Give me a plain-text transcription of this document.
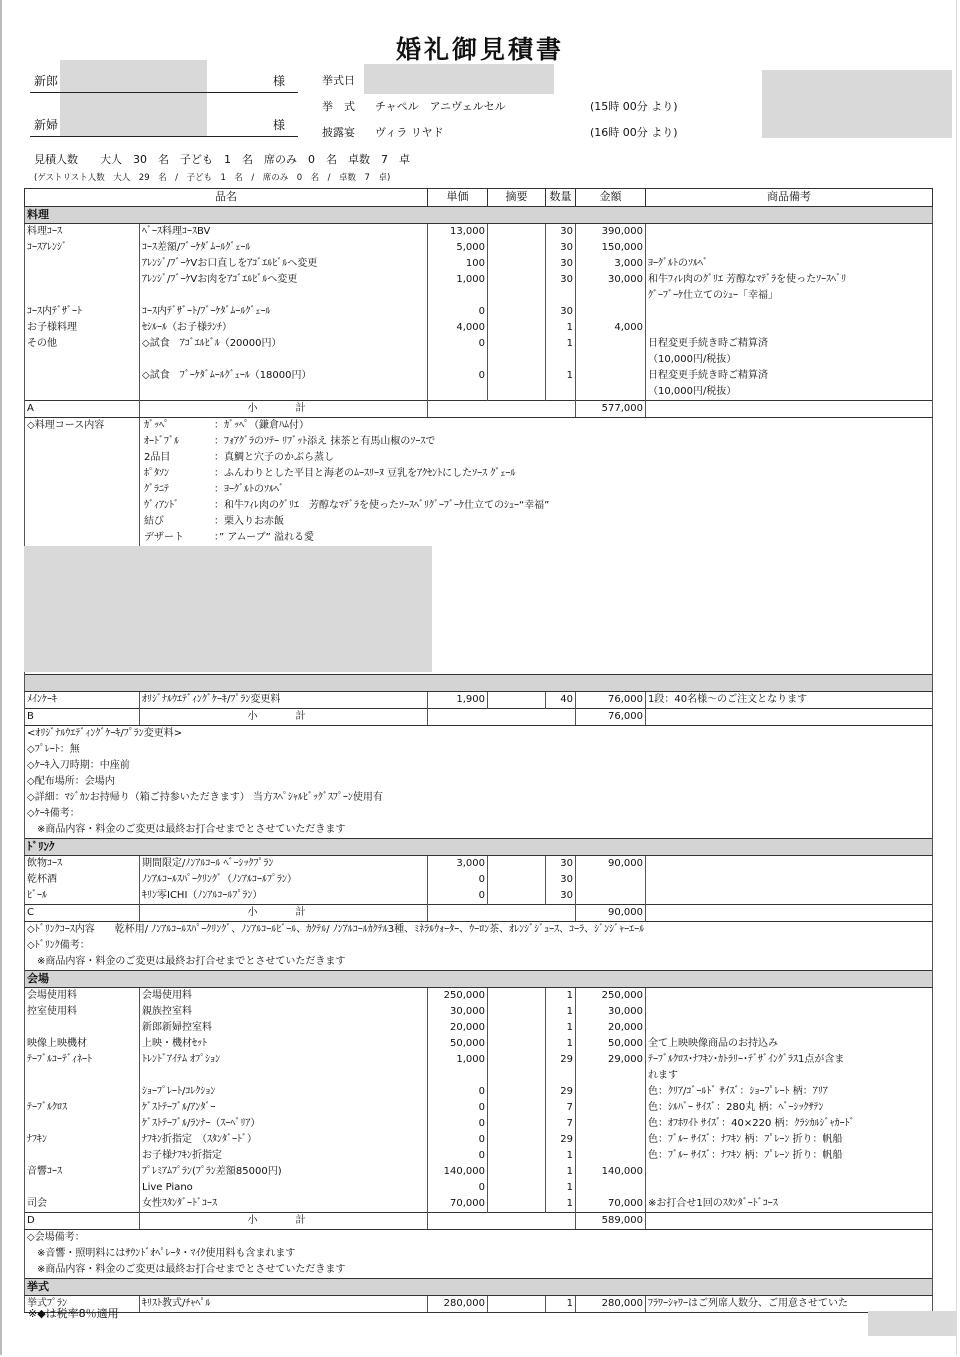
婚礼御見積書
新郎	様
新婦	様
挙式日
挙　式 チャペル　アニヴェルセル	(15時 00分 より)
披露宴 ヴィラ リヤド	(16時 00分 より)
見積人数　　大人　30　名　子ども　1　名　席のみ　0　名　卓数　7　卓
(ゲストリスト人数　大人　29　名　/　子ども　1　名　/　席のみ　0　名　/　卓数　7　卓)
品名		単価	摘要	数量	金額	商品備考
料理						
料理ｺｰｽ	ﾍﾞｰｽ料理ｺｰｽBV	13,000		30	390,000	
ｺｰｽｱﾚﾝｼﾞ	ｺｰｽ差額/ﾌﾞｰｹﾀﾞﾑｰﾙｸﾞｪｰﾙ	5,000		30	150,000	
	ｱﾚﾝｼﾞ/ﾌﾞｰｹVお口直しをｱｺﾞｴﾙﾋﾞﾙへ変更	100		30	3,000	ﾖｰｸﾞﾙﾄのｿﾙﾍﾞ
	ｱﾚﾝｼﾞ/ﾌﾞｰｹVお肉をｱｺﾞｴﾙﾋﾞﾙへ変更	1,000		30	30,000	和牛ﾌｨﾚ肉のｸﾞﾘｴ 芳醇なﾏﾃﾞﾗを使ったｿｰｽﾍﾞﾘ
						ｸﾞｰﾌﾞｰｹ仕立てのｼｭｰ「幸福」
ｺｰｽ内ﾃﾞｻﾞｰﾄ	ｺｰｽ内ﾃﾞｻﾞｰﾄ/ﾌﾞｰｹﾀﾞﾑｰﾙｸﾞｪｰﾙ	0		30		
お子様料理	ｾｼﾙｰﾙ（お子様ﾗﾝﾁ）	4,000		1	4,000	
その他	◇試食　ｱｺﾞｴﾙﾋﾞﾙ（20000円）	0		1		日程変更手続き時ご精算済
						（10,000円/税抜）
	◇試食　ﾌﾞｰｹﾀﾞﾑｰﾙｸﾞｪｰﾙ（18000円）	0		1		日程変更手続き時ご精算済
						（10,000円/税抜）
A	小　計				577,000	
◇料理コース内容	ｶﾞｯﾍﾟ ：ｶﾞｯﾍﾟ（鎌倉ﾊﾑ付）					
	ｵｰﾄﾞﾌﾞﾙ ：ﾌｫｱｸﾞﾗのｿﾃｰ ﾘﾌﾞｯﾄ添え 抹茶と有馬山椒のｿｰｽで					
	2品目 ：真鯛と穴子のかぶら蒸し					
	ﾎﾟﾀｿﾝ ：ふんわりとした平目と海老のﾑｰｽﾘｰﾇ 豆乳をｱｸｾﾝﾄにしたｿｰｽ ｸﾞｪｰﾙ					
	ｸﾞﾗﾆﾃ ：ﾖｰｸﾞﾙﾄのｿﾙﾍﾞ					
	ｳﾞｨｱﾝﾄﾞ ：和牛ﾌｨﾚ肉のｸﾞﾘｴ　芳醇なﾏﾃﾞﾗを使ったｿｰｽﾍﾞﾘｸﾞｰﾌﾞｰｹ仕立てのｼｭｰ“幸福”					
	結び ：栗入りお赤飯					
	デザート ：” アムーブ” 溢れる愛					

ﾒｲﾝｹｰｷ	ｵﾘｼﾞﾅﾙｳｴﾃﾞｨﾝｸﾞｹｰｷ/ﾌﾟﾗﾝ変更料	1,900		40	76,000	1段：40名様～のご注文となります
B	小　計				76,000	
<ｵﾘｼﾞﾅﾙｳｴﾃﾞｨﾝｸﾞｹｰｷ/ﾌﾟﾗﾝ変更料>						
◇ﾌﾟﾚｰﾄ：無						
◇ｹｰｷ入刀時期：中座前						
◇配布場所：会場内						
◇詳細：ﾏｼﾞｶﾝお持帰り（箱ご持参いただきます） 当方ｽﾍﾟｼｬﾙﾋﾞｯｸﾞｽﾌﾟｰﾝ使用有						
◇ｹｰｷ備考：						
　※商品内容・料金のご変更は最終お打合せまでとさせていただきます						
ﾄﾞﾘﾝｸ						
飲物ｺｰｽ	期間限定/ﾉﾝｱﾙｺｰﾙ ﾍﾞｰｼｯｸﾌﾟﾗﾝ	3,000		30	90,000	
乾杯酒	ﾉﾝｱﾙｺｰﾙｽﾊﾟｰｸﾘﾝｸﾞ（ﾉﾝｱﾙｺｰﾙﾌﾟﾗﾝ）	0		30		
ﾋﾞｰﾙ	ｷﾘﾝ零ICHI（ﾉﾝｱﾙｺｰﾙﾌﾟﾗﾝ）	0		30		
C	小　計				90,000	
◇ﾄﾞﾘﾝｸｺｰｽ内容　　乾杯用/ ﾉﾝｱﾙｺｰﾙｽﾊﾟｰｸﾘﾝｸﾞ、ﾉﾝｱﾙｺｰﾙﾋﾞｰﾙ、ｶｸﾃﾙ/ ﾉﾝｱﾙｺｰﾙｶｸﾃﾙ3種、ﾐﾈﾗﾙｳｫｰﾀｰ、ｳｰﾛﾝ茶、ｵﾚﾝｼﾞｼﾞｭｰｽ、ｺｰﾗ、ｼﾞﾝｼﾞｬｰｴｰﾙ						
◇ﾄﾞﾘﾝｸ備考：						
　※商品内容・料金のご変更は最終お打合せまでとさせていただきます						
会場						
会場使用料	会場使用料	250,000		1	250,000	
控室使用料	親族控室料	30,000		1	30,000	
	新郎新婦控室料	20,000		1	20,000	
映像上映機材	上映・機材ｾｯﾄ	50,000		1	50,000	全て上映映像商品のお持込み
ﾃｰﾌﾞﾙｺｰﾃﾞｨﾈｰﾄ	ﾄﾚﾝﾄﾞｱｲﾃﾑ ｵﾌﾟｼｮﾝ	1,000		29	29,000	ﾃｰﾌﾞﾙｸﾛｽ･ﾅﾌｷﾝ･ｶﾄﾗﾘｰ･ﾃﾞｻﾞｲﾝｸﾞﾗｽ1点が含ま
						れます
	ｼｮｰﾌﾟﾚｰﾄ/ｺﾚｸｼｮﾝ	0		29		色：ｸﾘｱ/ｺﾞｰﾙﾄﾞ ｻｲｽﾞ：ｼｮｰﾌﾟﾚｰﾄ 柄：ｱﾘｱ
ﾃｰﾌﾞﾙｸﾛｽ	ｹﾞｽﾄﾃｰﾌﾞﾙ/ｱﾝﾀﾞｰ	0		7		色：ｼﾙﾊﾞｰ ｻｲｽﾞ：280丸 柄：ﾍﾞｰｼｯｸｻﾃﾝ
	ｹﾞｽﾄﾃｰﾌﾞﾙ/ﾗﾝﾅｰ（ｽｰﾍﾞﾘｱ）	0		7		色：ｵﾌﾎﾜｲﾄ ｻｲｽﾞ：40×220 柄：ｸﾗｼｶﾙｼﾞｬｶｰﾄﾞ
ﾅﾌｷﾝ	ﾅﾌｷﾝ折指定　（ｽﾀﾝﾀﾞｰﾄﾞ）	0		29		色：ﾌﾞﾙｰ ｻｲｽﾞ：ﾅﾌｷﾝ 柄：ﾌﾟﾚｰﾝ 折り：帆船
	お子様ﾅﾌｷﾝ折指定	0		1		色：ﾌﾞﾙｰ ｻｲｽﾞ：ﾅﾌｷﾝ 柄：ﾌﾟﾚｰﾝ 折り：帆船
音響ｺｰｽ	ﾌﾟﾚﾐｱﾑﾌﾟﾗﾝ(ﾌﾟﾗﾝ差額85000円)	140,000		1	140,000	
	Live Piano	0		1		
司会	女性ｽﾀﾝﾀﾞｰﾄﾞｺｰｽ	70,000		1	70,000	※お打合せ1回のｽﾀﾝﾀﾞｰﾄﾞｺｰｽ
D	小　計				589,000	
◇会場備考：						
　※音響・照明料にはｻｳﾝﾄﾞｵﾍﾟﾚｰﾀ・ﾏｲｸ使用料も含まれます						
　※商品内容・料金のご変更は最終お打合せまでとさせていただきます						
挙式						
挙式ﾌﾟﾗﾝ	ｷﾘｽﾄ教式/ﾁｬﾍﾟﾙ	280,000		1	280,000	ﾌﾗﾜｰｼｬﾜｰはご列席人数分、ご用意させていた
※◆は税率8％適用
